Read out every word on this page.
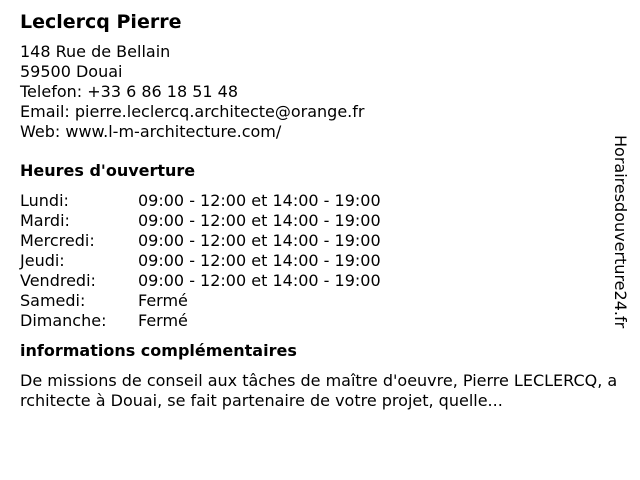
Leclercq Pierre
148 Rue de Bellain
59500 Douai
Telefon: +33 6 86 18 51 48
Email: pierre.leclercq.architecte@orange.fr
Web: www.l-m-architecture.com/
Heures d'ouverture
Lundi:	09:00 - 12:00 et 14:00 - 19:00
Mardi:	09:00 - 12:00 et 14:00 - 19:00
Mercredi:	09:00 - 12:00 et 14:00 - 19:00
Jeudi:	09:00 - 12:00 et 14:00 - 19:00
Vendredi:	09:00 - 12:00 et 14:00 - 19:00
Samedi:	Fermé
Dimanche: Fermé
informations complémentaires
De missions de conseil aux tâches de maître d'oeuvre, Pierre LECLERCQ, architecte à Douai, se fait partenaire de votre projet, quelle...
Horairesdouverture24.fr
